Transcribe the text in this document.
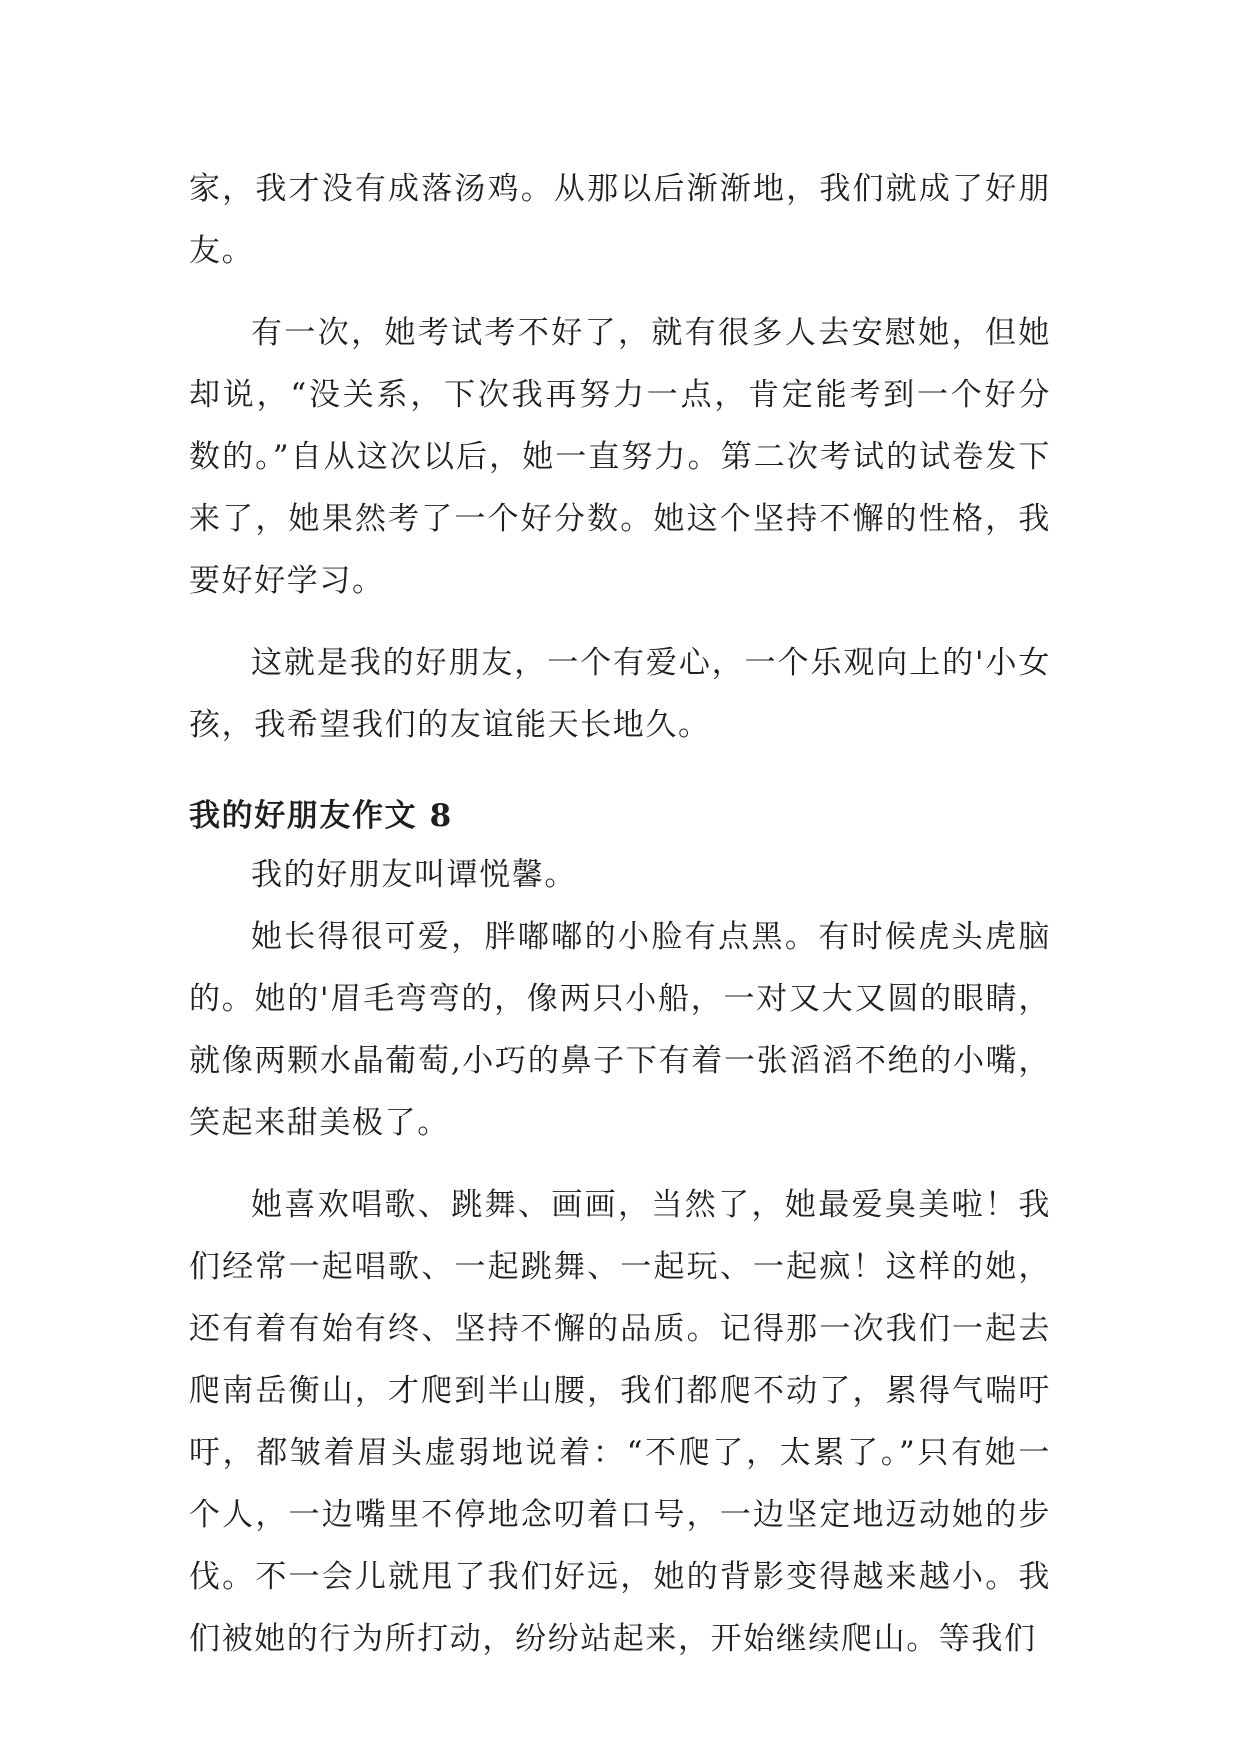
家，我才没有成落汤鸡。从那以后渐渐地，我们就成了好朋友。

有一次，她考试考不好了，就有很多人去安慰她，但她却说，“没关系，下次我再努力一点，肯定能考到一个好分数的。”自从这次以后，她一直努力。第二次考试的试卷发下来了，她果然考了一个好分数。她这个坚持不懈的性格，我要好好学习。

这就是我的好朋友，一个有爱心，一个乐观向上的'小女孩，我希望我们的友谊能天长地久。

我的好朋友作文 8

我的好朋友叫谭悦馨。

她长得很可爱，胖嘟嘟的小脸有点黑。有时候虎头虎脑的。她的'眉毛弯弯的，像两只小船，一对又大又圆的眼睛，就像两颗水晶葡萄,小巧的鼻子下有着一张滔滔不绝的小嘴，笑起来甜美极了。

她喜欢唱歌、跳舞、画画，当然了，她最爱臭美啦！我们经常一起唱歌、一起跳舞、一起玩、一起疯！这样的她，还有着有始有终、坚持不懈的品质。记得那一次我们一起去爬南岳衡山，才爬到半山腰，我们都爬不动了，累得气喘吁吁，都皱着眉头虚弱地说着：“不爬了，太累了。”只有她一个人，一边嘴里不停地念叨着口号，一边坚定地迈动她的步伐。不一会儿就甩了我们好远，她的背影变得越来越小。我们被她的行为所打动，纷纷站起来，开始继续爬山。等我们
